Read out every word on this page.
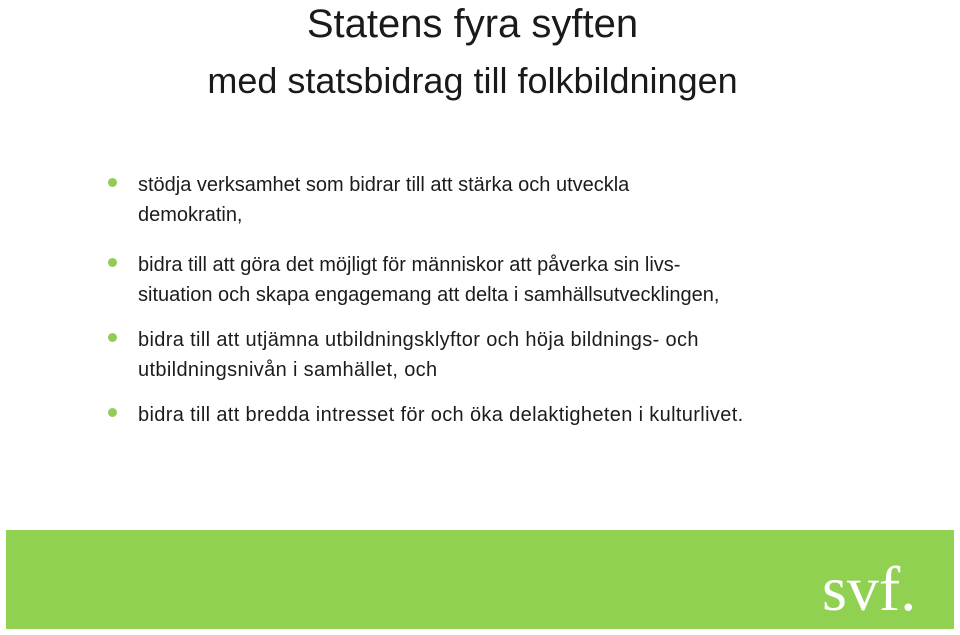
Statens fyra syften
med statsbidrag till folkbildningen
stödja verksamhet som bidrar till att stärka och utveckla
demokratin,
bidra till att göra det möjligt för människor att påverka sin livs-
situation och skapa engagemang att delta i samhällsutvecklingen,
bidra till att utjämna utbildningsklyftor och höja bildnings- och
utbildningsnivån i samhället, och
bidra till att bredda intresset för och öka delaktigheten i kulturlivet.
svf.
